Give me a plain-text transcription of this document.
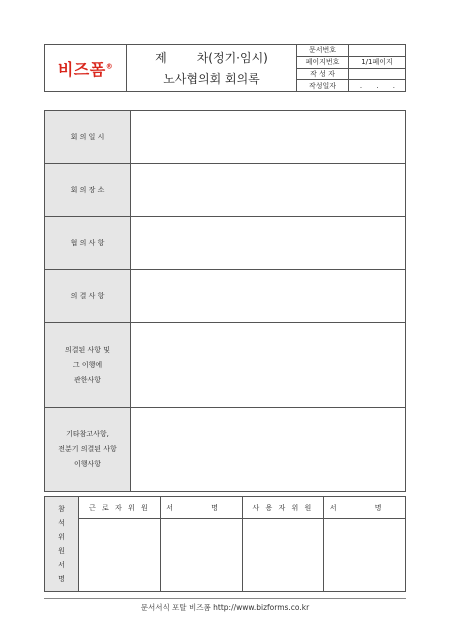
비즈폼®
제	차(정기·임시)
노사협의회 회의록
문서번호
페이지번호	1/1페이지
작 성 자
작성일자	. . .
회 의 일 시
회 의 장 소
협 의 사 항
의 결 사 항
의결된 사항 및
그 이행에
관한사항
기타참고사항,
전분기 의결된 사항
이행사항
참
석
위
원
서
명
근 로 자 위 원	서 명	사 용 자 위 원	서 명
문서서식 포탈 비즈폼 http://www.bizforms.co.kr
